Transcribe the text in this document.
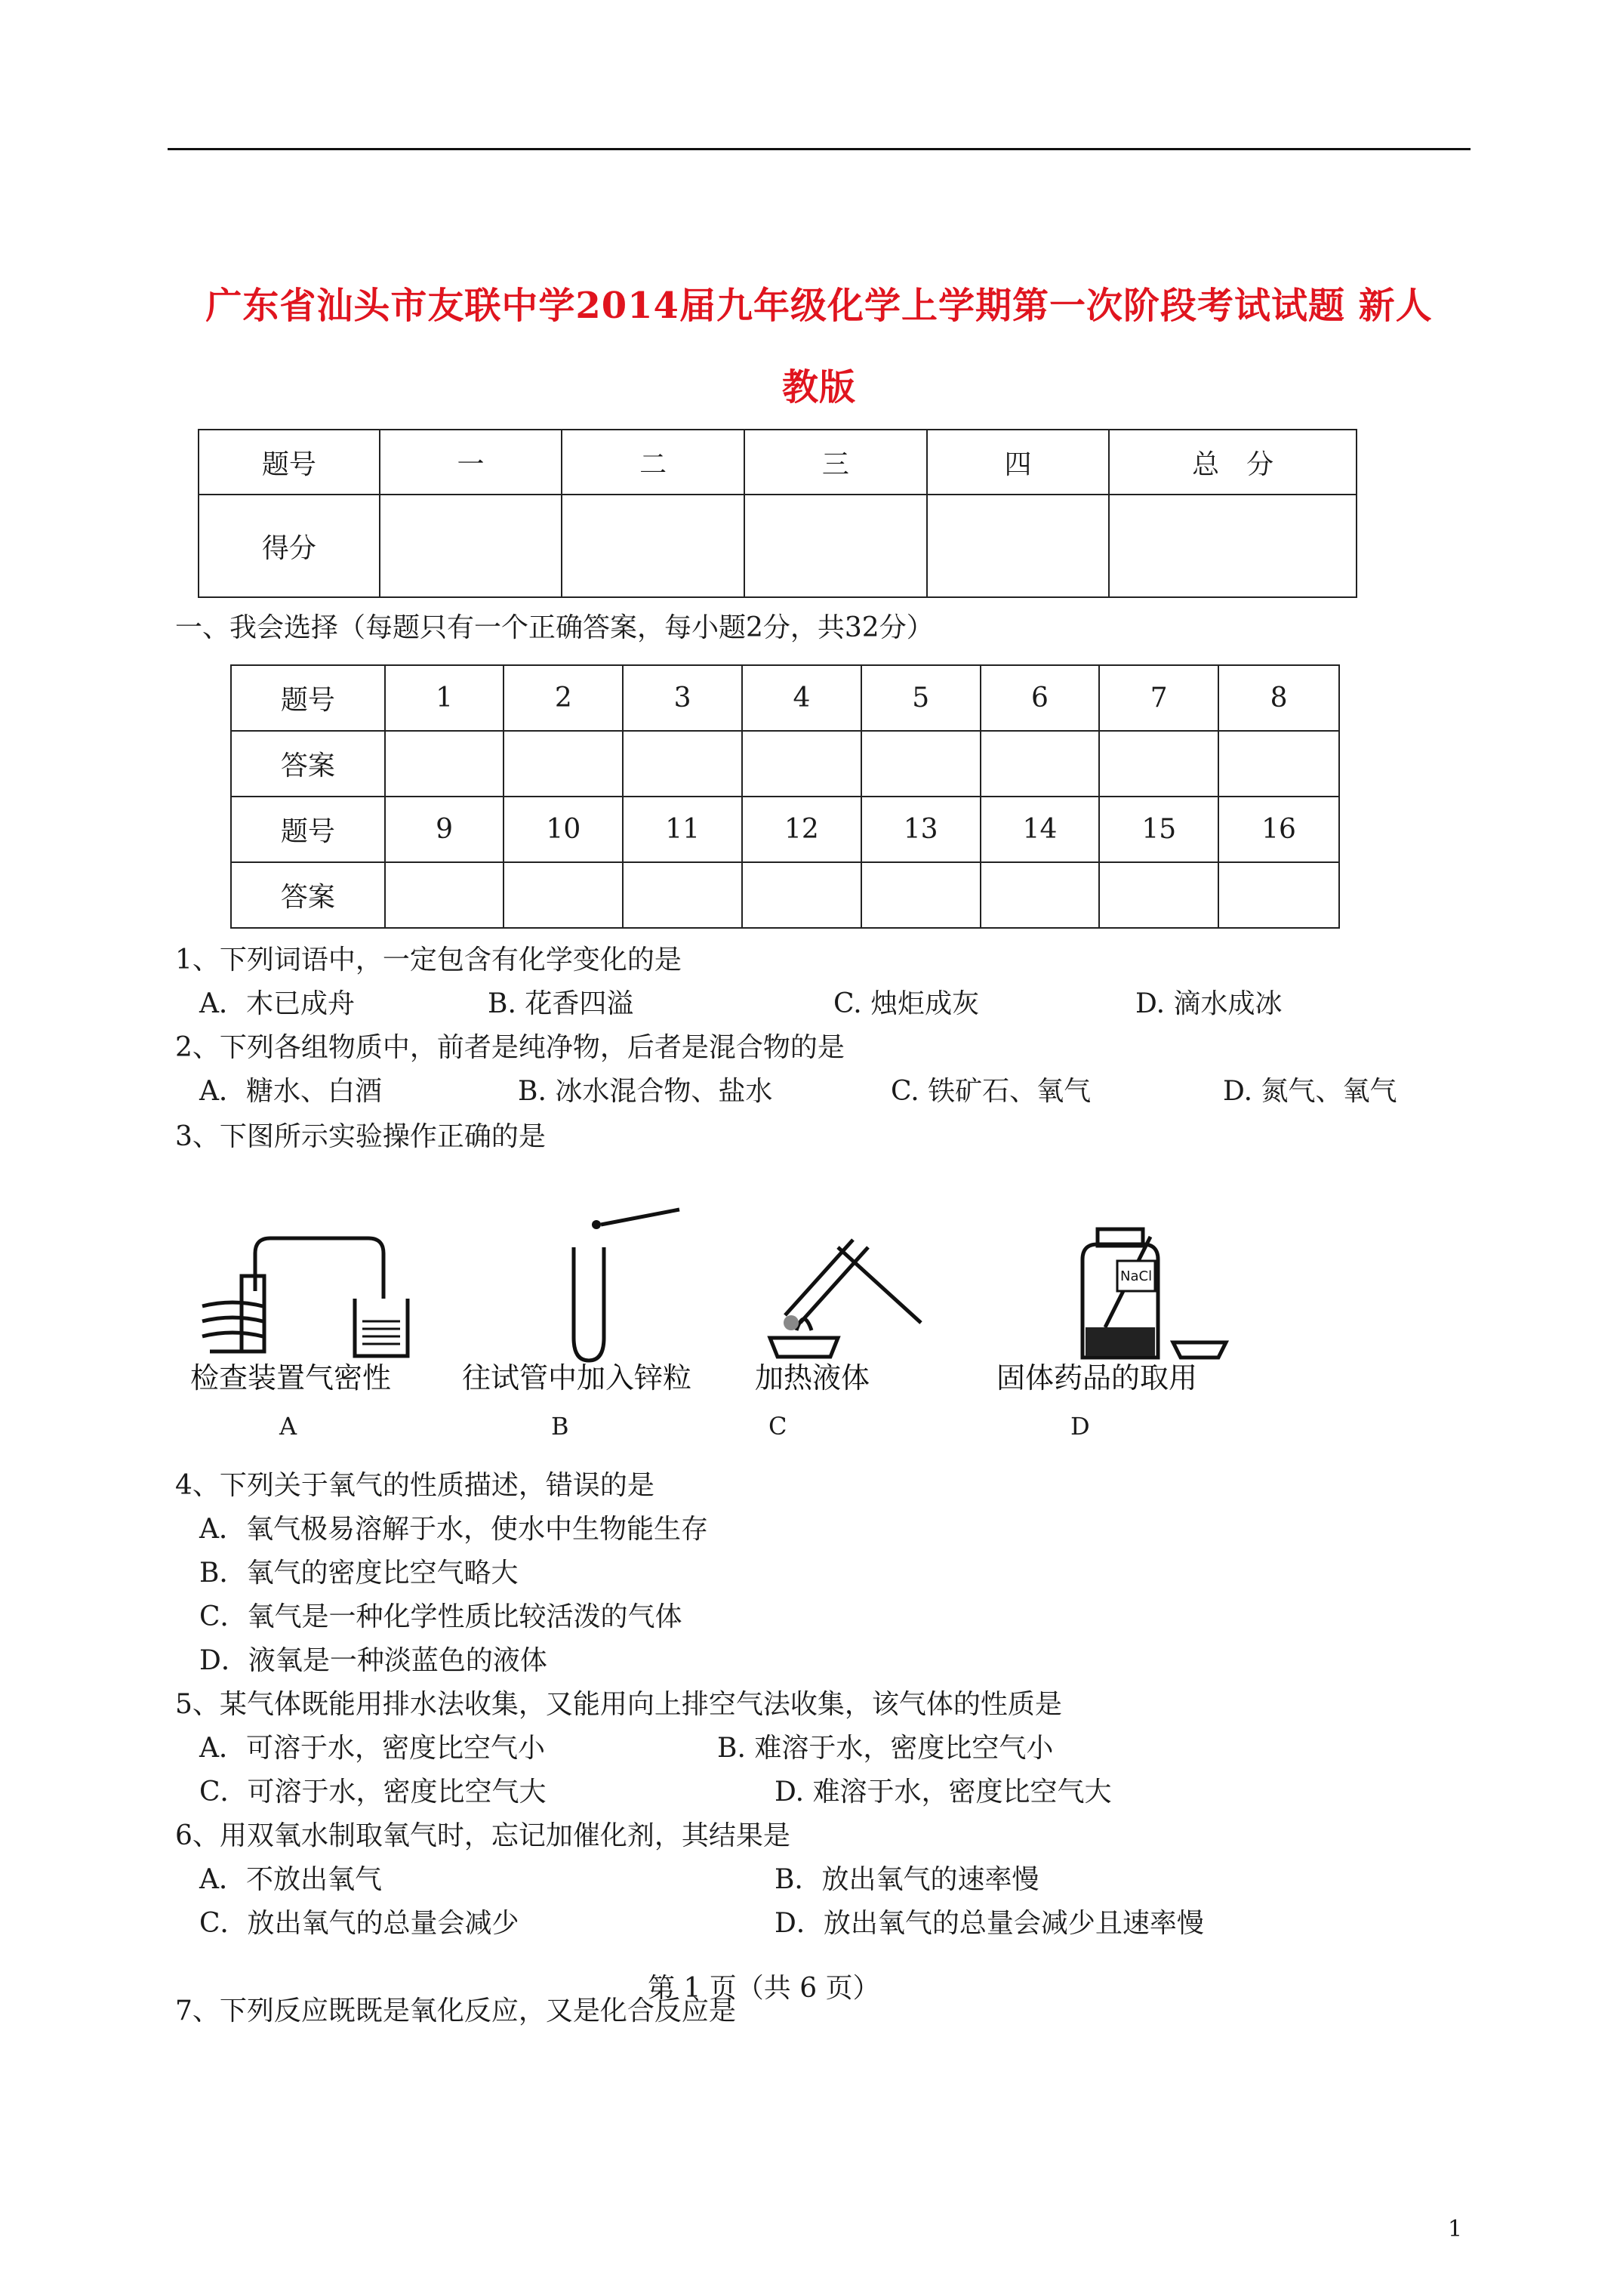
广东省汕头市友联中学2014届九年级化学上学期第一次阶段考试试题 新人
教版
题号	一	二	三	四	总　分
得分					
一、我会选择（每题只有一个正确答案，每小题2分，共32分）
题号	1	2	3	4	5	6	7	8
答案								
题号	9	10	11	12	13	14	15	16
答案								
1、下列词语中，一定包含有化学变化的是
A．木已成舟	B. 花香四溢	C. 烛炬成灰	D. 滴水成冰
2、下列各组物质中，前者是纯净物，后者是混合物的是
A．糖水、白酒	B. 冰水混合物、盐水	C. 铁矿石、氧气	D. 氮气、氧气
3、下图所示实验操作正确的是
检查装置气密性
A
往试管中加入锌粒
B
加热液体
C
NaCl
固体药品的取用
D
4、下列关于氧气的性质描述，错误的是
A．氧气极易溶解于水，使水中生物能生存
B．氧气的密度比空气略大
C．氧气是一种化学性质比较活泼的气体
D．液氧是一种淡蓝色的液体
5、某气体既能用排水法收集，又能用向上排空气法收集，该气体的性质是
A．可溶于水，密度比空气小	B. 难溶于水，密度比空气小
C．可溶于水，密度比空气大	D. 难溶于水，密度比空气大
6、用双氧水制取氧气时，忘记加催化剂，其结果是
A．不放出氧气	B．放出氧气的速率慢
C．放出氧气的总量会减少	D．放出氧气的总量会减少且速率慢
第 1 页（共 6 页）
7、下列反应既既是氧化反应，又是化合反应是
1
